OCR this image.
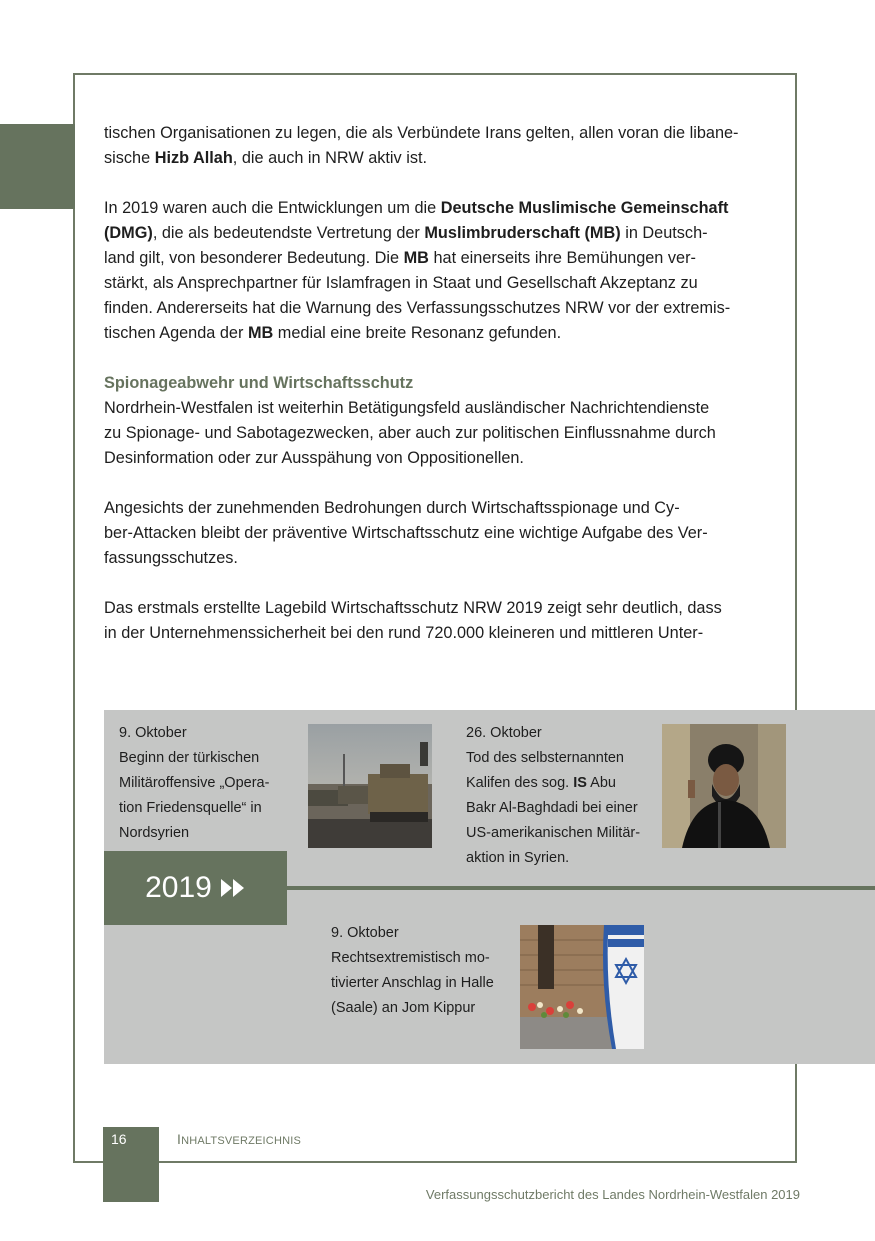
tischen Organisationen zu legen, die als Verbündete Irans gelten, allen voran die libane-
sische Hizb Allah, die auch in NRW aktiv ist.

In 2019 waren auch die Entwicklungen um die Deutsche Muslimische Gemeinschaft
(DMG), die als bedeutendste Vertretung der Muslimbruderschaft (MB) in Deutsch-
land gilt, von besonderer Bedeutung. Die MB hat einerseits ihre Bemühungen ver-
stärkt, als Ansprechpartner für Islamfragen in Staat und Gesellschaft Akzeptanz zu
finden. Andererseits hat die Warnung des Verfassungsschutzes NRW vor der extremis-
tischen Agenda der MB medial eine breite Resonanz gefunden.

Spionageabwehr und Wirtschaftsschutz
Nordrhein-Westfalen ist weiterhin Betätigungsfeld ausländischer Nachrichtendienste
zu Spionage- und Sabotagezwecken, aber auch zur politischen Einflussnahme durch
Desinformation oder zur Ausspähung von Oppositionellen.

Angesichts der zunehmenden Bedrohungen durch Wirtschaftsspionage und Cy-
ber-Attacken bleibt der präventive Wirtschaftsschutz eine wichtige Aufgabe des Ver-
fassungsschutzes.

Das erstmals erstellte Lagebild Wirtschaftsschutz NRW 2019 zeigt sehr deutlich, dass
in der Unternehmenssicherheit bei den rund 720.000 kleineren und mittleren Unter-

2019
9. Oktober
Beginn der türkischen
Militäroffensive „Opera-
tion Friedensquelle“ in
Nordsyrien
26. Oktober
Tod des selbsternannten
Kalifen des sog. IS Abu
Bakr Al-Baghdadi bei einer
US-amerikanischen Militär-
aktion in Syrien.
9. Oktober
Rechtsextremistisch mo-
tivierter Anschlag in Halle
(Saale) an Jom Kippur
16	INHALTSVERZEICHNIS
Verfassungsschutzbericht des Landes Nordrhein-Westfalen 2019
